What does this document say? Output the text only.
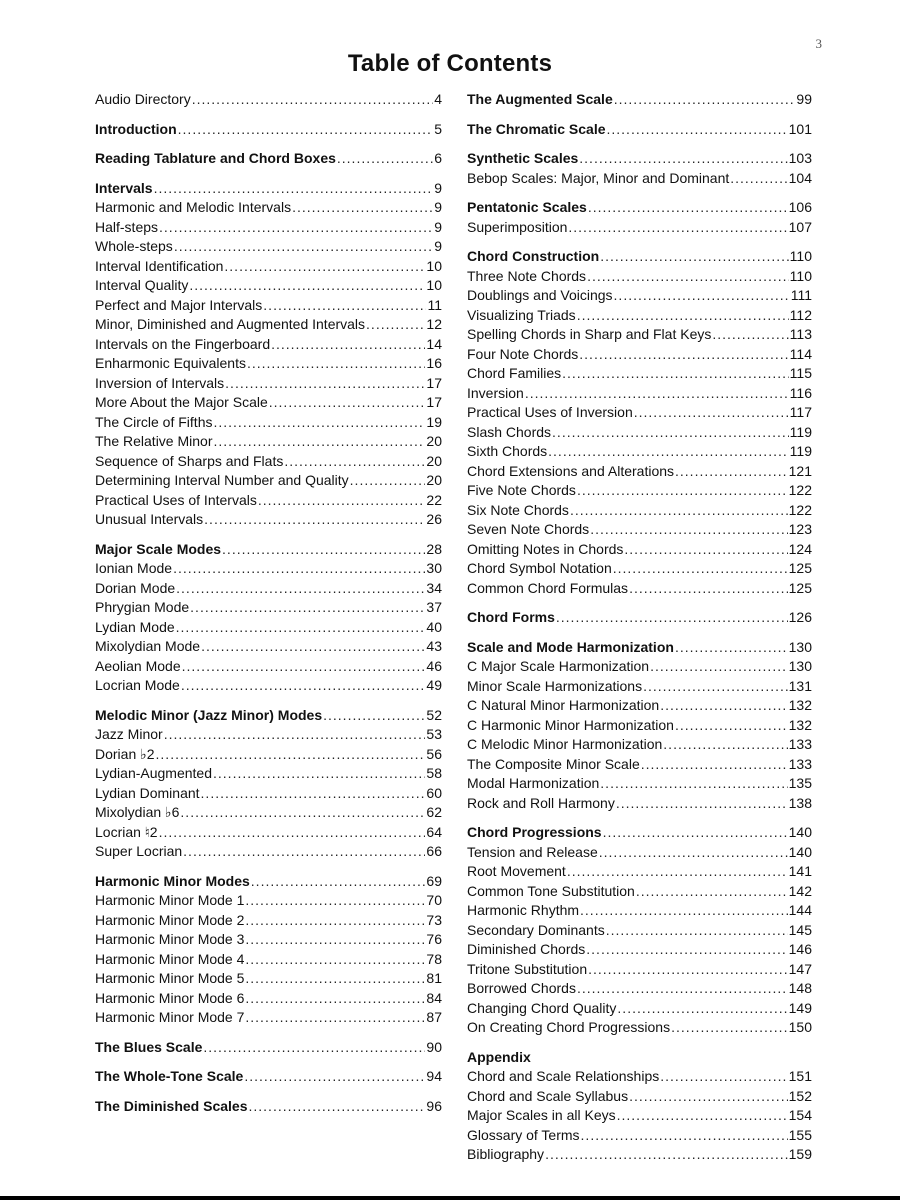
3
Table of Contents
Audio Directory .....	4
Introduction .....	5
Reading Tablature and Chord Boxes .....	6
Intervals .....	9
Harmonic and Melodic Intervals .....	9
Half-steps .....	9
Whole-steps .....	9
Interval Identification .....	10
Interval Quality .....	10
Perfect and Major Intervals .....	11
Minor, Diminished and Augmented Intervals .....	12
Intervals on the Fingerboard .....	14
Enharmonic Equivalents .....	16
Inversion of Intervals .....	17
More About the Major Scale .....	17
The Circle of Fifths .....	19
The Relative Minor .....	20
Sequence of Sharps and Flats .....	20
Determining Interval Number and Quality .....	20
Practical Uses of Intervals .....	22
Unusual Intervals .....	26
Major Scale Modes .....	28
Ionian Mode .....	30
Dorian Mode .....	34
Phrygian Mode .....	37
Lydian Mode .....	40
Mixolydian Mode .....	43
Aeolian Mode .....	46
Locrian Mode .....	49
Melodic Minor (Jazz Minor) Modes .....	52
Jazz Minor .....	53
Dorian ♭2 .....	56
Lydian-Augmented .....	58
Lydian Dominant .....	60
Mixolydian ♭6 .....	62
Locrian ♮2 .....	64
Super Locrian .....	66
Harmonic Minor Modes .....	69
Harmonic Minor Mode 1 .....	70
Harmonic Minor Mode 2 .....	73
Harmonic Minor Mode 3 .....	76
Harmonic Minor Mode 4 .....	78
Harmonic Minor Mode 5 .....	81
Harmonic Minor Mode 6 .....	84
Harmonic Minor Mode 7 .....	87
The Blues Scale .....	90
The Whole-Tone Scale .....	94
The Diminished Scales .....	96
The Augmented Scale .....	99
The Chromatic Scale .....	101
Synthetic Scales .....	103
Bebop Scales: Major, Minor and Dominant .....	104
Pentatonic Scales .....	106
Superimposition .....	107
Chord Construction .....	110
Three Note Chords .....	110
Doublings and Voicings .....	111
Visualizing Triads .....	112
Spelling Chords in Sharp and Flat Keys .....	113
Four Note Chords .....	114
Chord Families .....	115
Inversion .....	116
Practical Uses of Inversion .....	117
Slash Chords .....	119
Sixth Chords .....	119
Chord Extensions and Alterations .....	121
Five Note Chords .....	122
Six Note Chords .....	122
Seven Note Chords .....	123
Omitting Notes in Chords .....	124
Chord Symbol Notation .....	125
Common Chord Formulas .....	125
Chord Forms .....	126
Scale and Mode Harmonization .....	130
C Major Scale Harmonization .....	130
Minor Scale Harmonizations .....	131
C Natural Minor Harmonization .....	132
C Harmonic Minor Harmonization .....	132
C Melodic Minor Harmonization .....	133
The Composite Minor Scale .....	133
Modal Harmonization .....	135
Rock and Roll Harmony .....	138
Chord Progressions .....	140
Tension and Release .....	140
Root Movement .....	141
Common Tone Substitution .....	142
Harmonic Rhythm .....	144
Secondary Dominants .....	145
Diminished Chords .....	146
Tritone Substitution .....	147
Borrowed Chords .....	148
Changing Chord Quality .....	149
On Creating Chord Progressions .....	150
Appendix
Chord and Scale Relationships .....	151
Chord and Scale Syllabus .....	152
Major Scales in all Keys .....	154
Glossary of Terms .....	155
Bibliography .....	159
